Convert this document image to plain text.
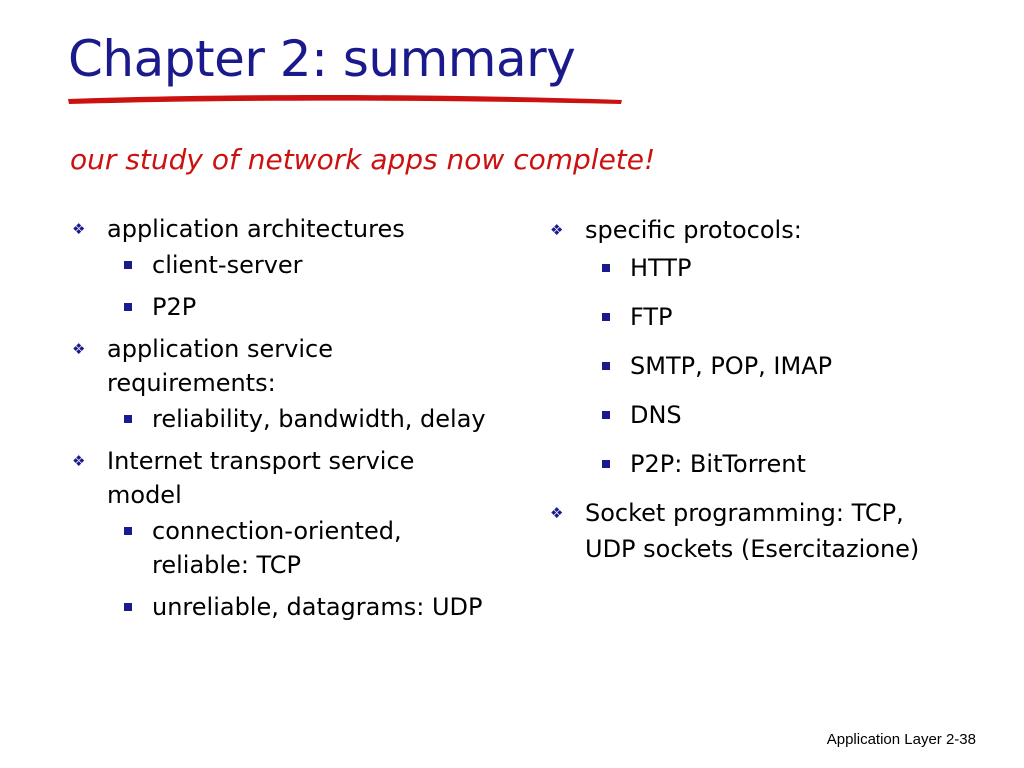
Chapter 2: summary

our study of network apps now complete!

❖ application architectures
client-server
P2P
❖ application service
requirements:
reliability, bandwidth, delay
❖ Internet transport service
model
connection-oriented,
reliable: TCP
unreliable, datagrams: UDP
❖ specific protocols:
HTTP
FTP
SMTP, POP, IMAP
DNS
P2P: BitTorrent
❖ Socket programming: TCP,
UDP sockets (Esercitazione)
Application Layer 2-38
